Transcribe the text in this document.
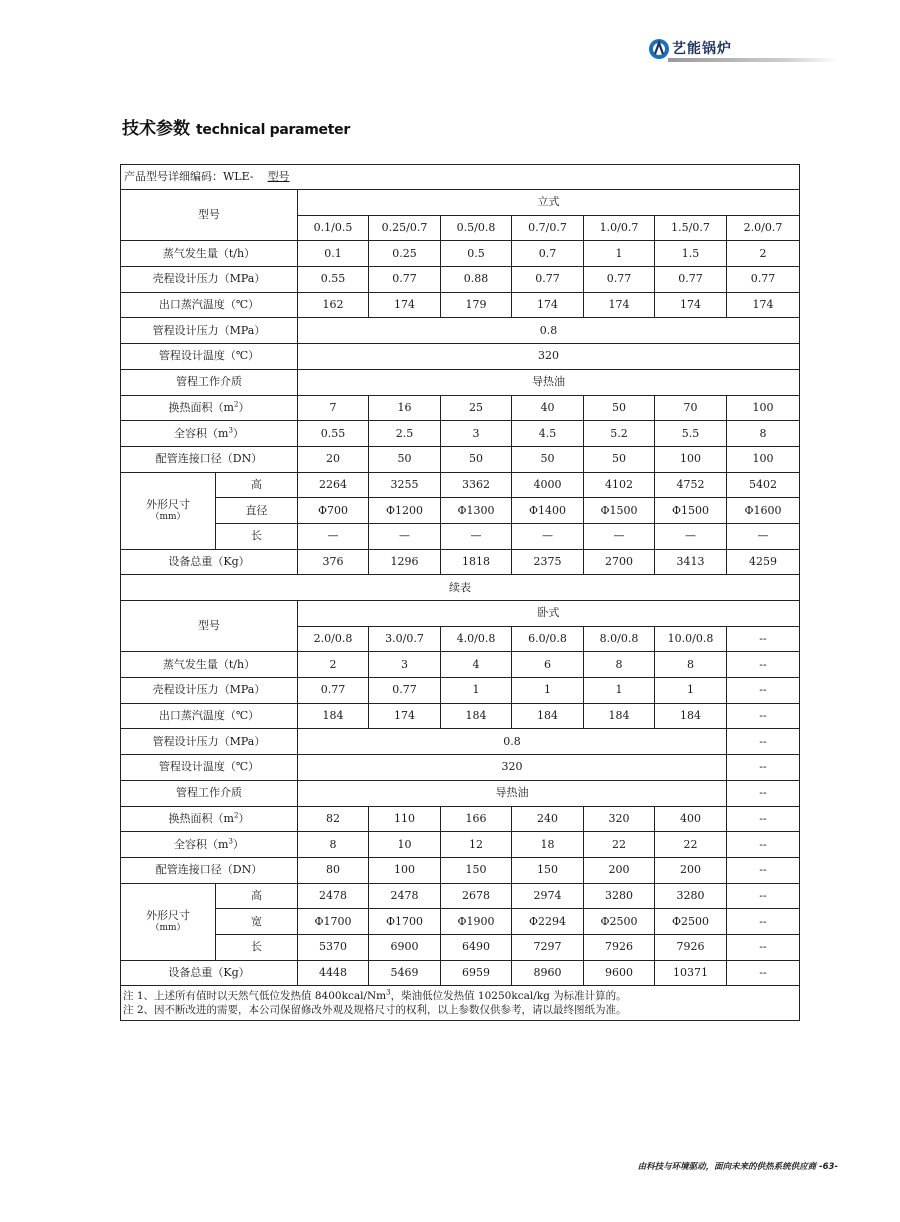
艺能锅炉
技术参数 technical parameter
产品型号详细编码：WLE- 型号								
型号		立式						
		0.1/0.5	0.25/0.7	0.5/0.8	0.7/0.7	1.0/0.7	1.5/0.7	2.0/0.7
蒸气发生量（t/h）		0.1	0.25	0.5	0.7	1	1.5	2
壳程设计压力（MPa）		0.55	0.77	0.88	0.77	0.77	0.77	0.77
出口蒸汽温度（℃）		162	174	179	174	174	174	174
管程设计压力（MPa）		0.8						
管程设计温度（℃）		320						
管程工作介质		导热油						
换热面积$(m^2)$		7	16	25	40	50	70	100
全容积$(m^3)$		0.55	2.5	3	4.5	5.2	5.5	8
配管连接口径（DN）		20	50	50	50	50	100	100

外形尺寸
（mm）	高	2264	3255	3362	4000	4102	4752	5402
	直径	Φ700	Φ1200	Φ1300	Φ1400	Φ1500	Φ1500	Φ1600
	长	—	—	—	—	—	—	—
设备总重（Kg）		376	1296	1818	2375	2700	3413	4259
续表								
型号		卧式						
		2.0/0.8	3.0/0.7	4.0/0.8	6.0/0.8	8.0/0.8	10.0/0.8	--
蒸气发生量（t/h）		2	3	4	6	8	8	--
壳程设计压力（MPa）		0.77	0.77	1	1	1	1	--
出口蒸汽温度（℃）		184	174	184	184	184	184	--
管程设计压力（MPa）		0.8						--
管程设计温度（℃）		320						--
管程工作介质		导热油						--
换热面积$(m^2)$		82	110	166	240	320	400	--
全容积$(m^3)$		8	10	12	18	22	22	--
配管连接口径（DN）		80	100	150	150	200	200	--

外形尺寸
（mm）	高	2478	2478	2678	2974	3280	3280	--
	宽	Φ1700	Φ1700	Φ1900	Φ2294	Φ2500	Φ2500	--
	长	5370	6900	6490	7297	7926	7926	--
设备总重（Kg）		4448	5469	6959	8960	9600	10371	--

注 1、上述所有值时以天然气低位发热值 8400kcal/Nm$^3$，柴油低位发热值 10250kcal/kg 为标准计算的。
注 2、因不断改进的需要，本公司保留修改外观及规格尺寸的权利，以上参数仅供参考，请以最终图纸为准。								
由科技与环境驱动，面向未来的供热系统供应商 -63-
